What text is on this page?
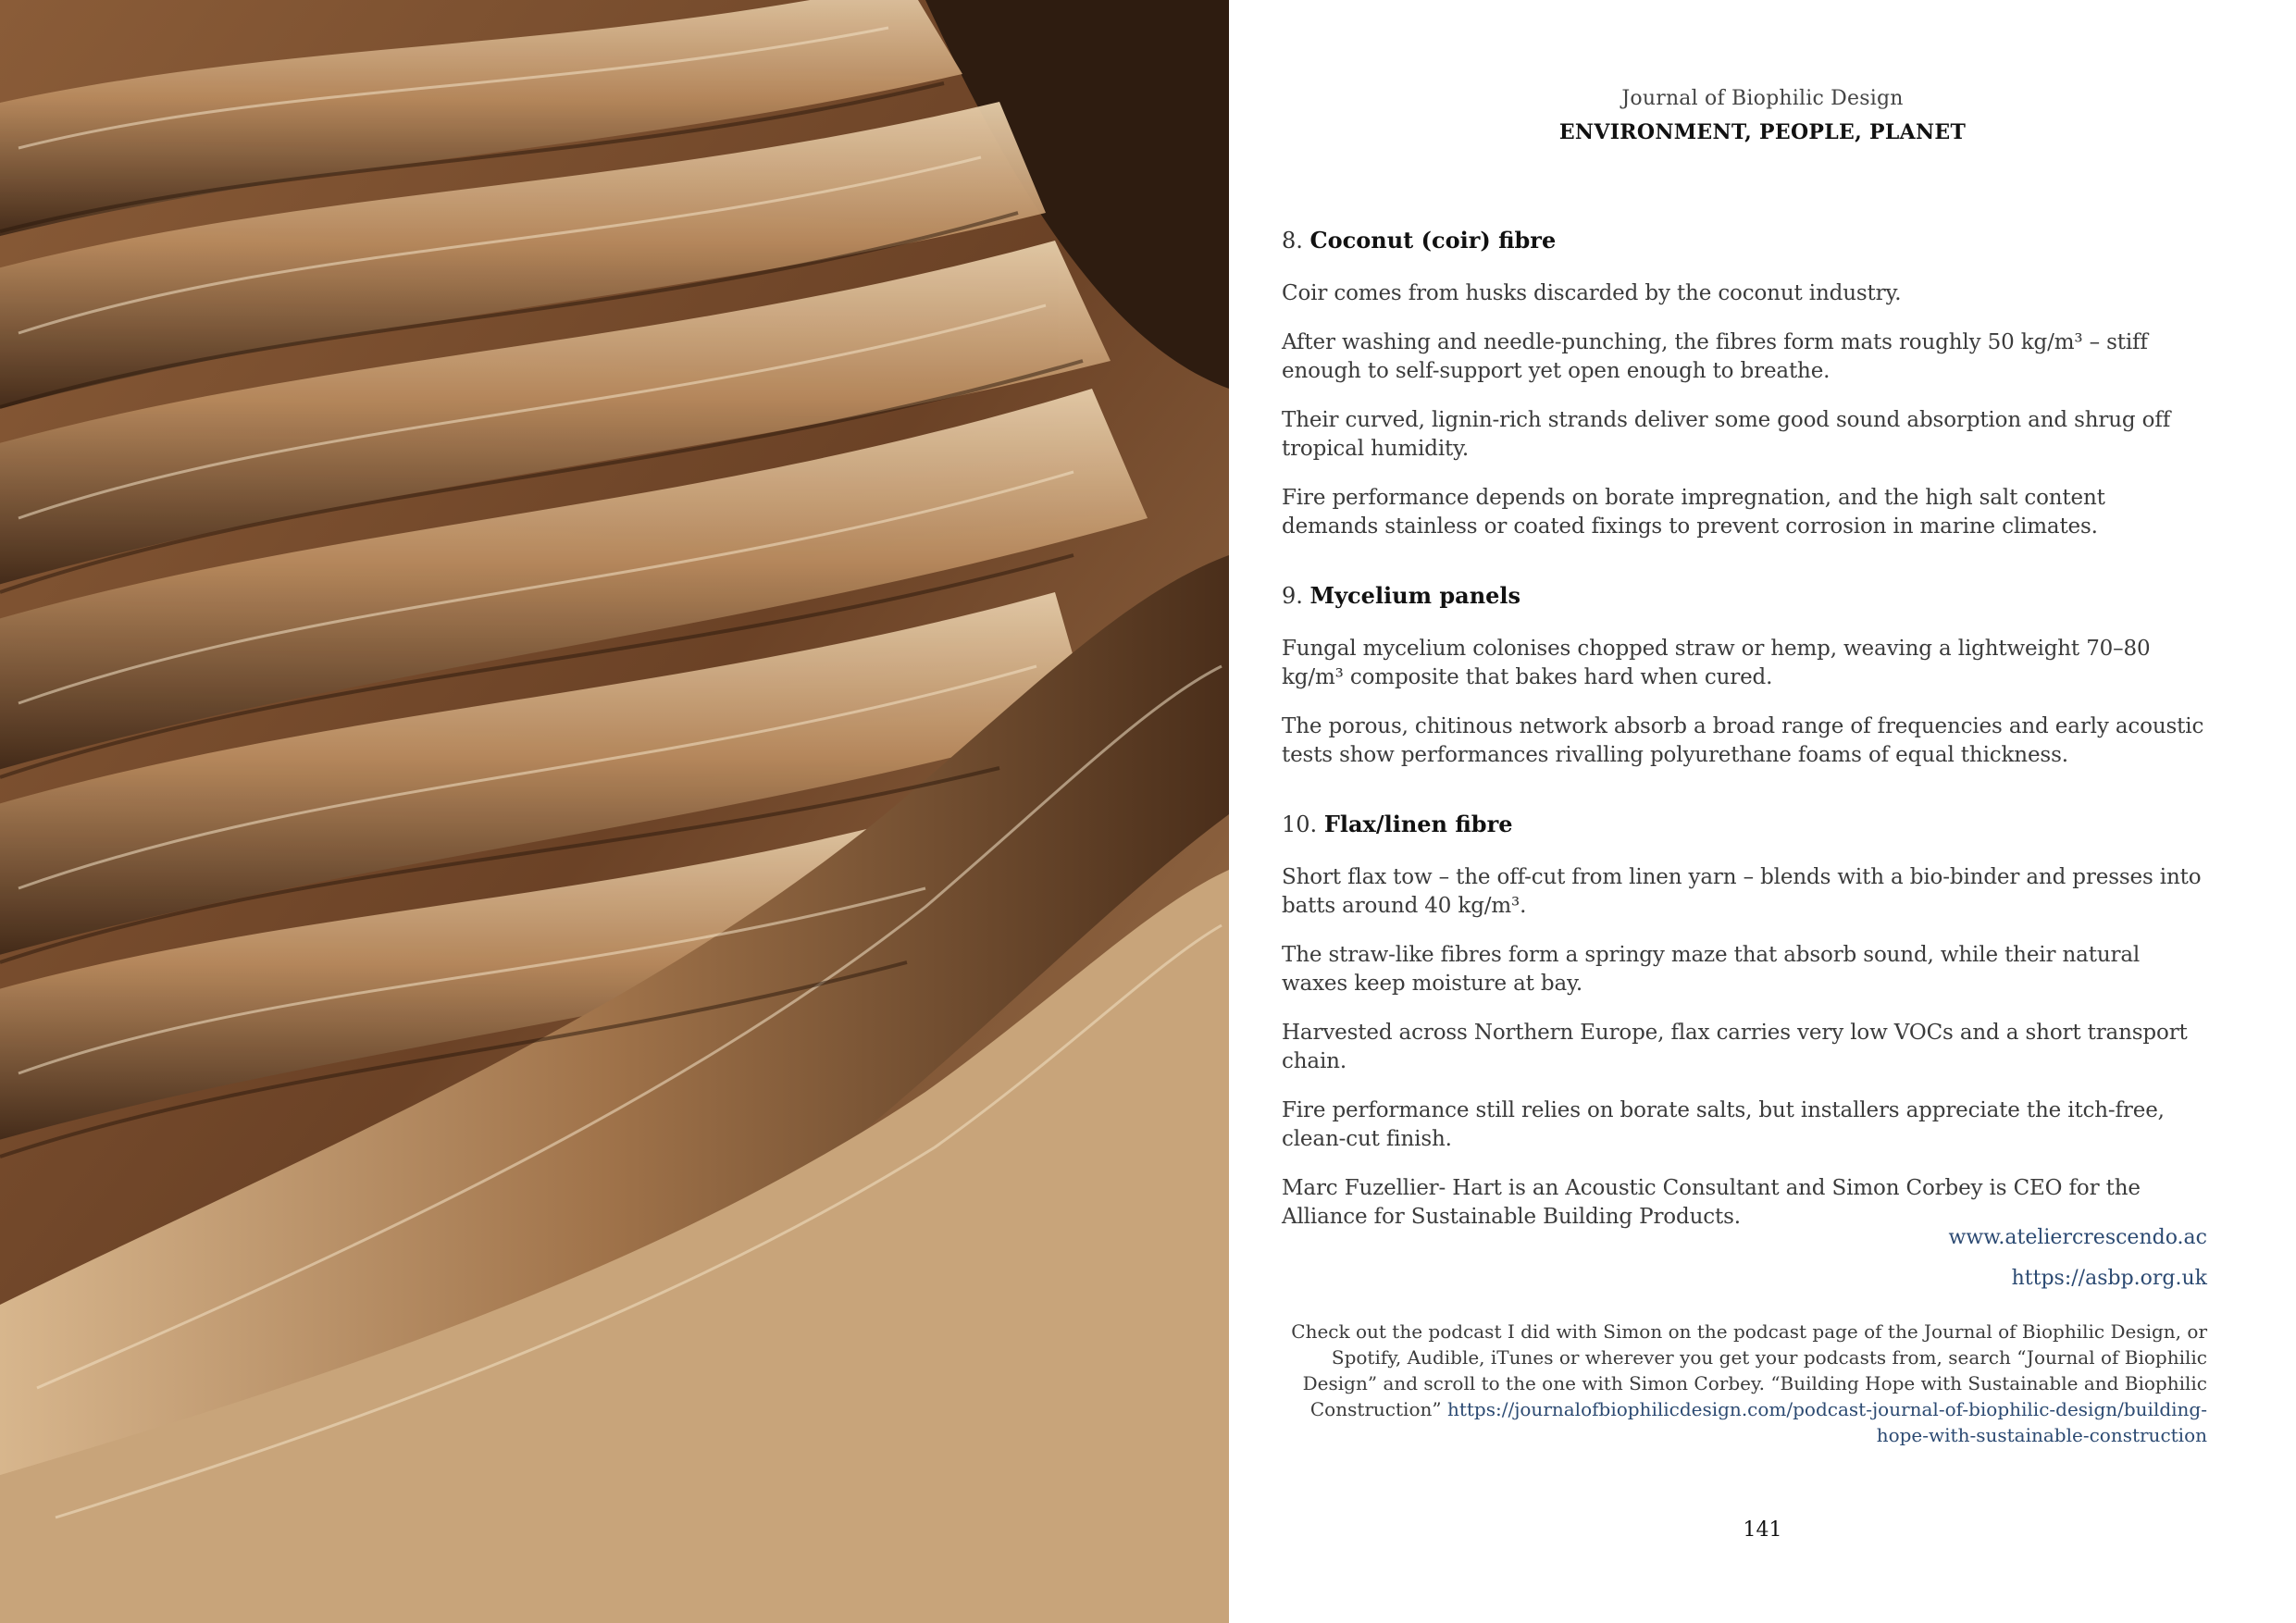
Journal of Biophilic Design
ENVIRONMENT, PEOPLE, PLANET
8. Coconut (coir) fibre

Coir comes from husks discarded by the coconut industry.

After washing and needle-punching, the fibres form mats roughly 50 kg/m³ – stiff enough to self-support yet open enough to breathe.

Their curved, lignin-rich strands deliver some good sound absorption and shrug off tropical humidity.

Fire performance depends on borate impregnation, and the high salt content demands stainless or coated fixings to prevent corrosion in marine climates.

9. Mycelium panels

Fungal mycelium colonises chopped straw or hemp, weaving a lightweight 70–80 kg/m³ composite that bakes hard when cured.

The porous, chitinous network absorb a broad range of frequencies and early acoustic tests show performances rivalling polyurethane foams of equal thickness.

10. Flax/linen fibre

Short flax tow – the off-cut from linen yarn – blends with a bio-binder and presses into batts around 40 kg/m³.

The straw-like fibres form a springy maze that absorb sound, while their natural waxes keep moisture at bay.

Harvested across Northern Europe, flax carries very low VOCs and a short transport chain.

Fire performance still relies on borate salts, but installers appreciate the itch-free, clean-cut finish.

Marc Fuzellier- Hart is an Acoustic Consultant and Simon Corbey is CEO for the Alliance for Sustainable Building Products.

www.ateliercrescendo.ac

https://asbp.org.uk

Check out the podcast I did with Simon on the podcast page of the Journal of Biophilic Design, or Spotify, Audible, iTunes or wherever you get your podcasts from, search “Journal of Biophilic Design” and scroll to the one with Simon Corbey. “Building Hope with Sustainable and Biophilic Construction” https://journalofbiophilicdesign.com/podcast-journal-of-biophilic-design/building-hope-with-sustainable-construction

141
